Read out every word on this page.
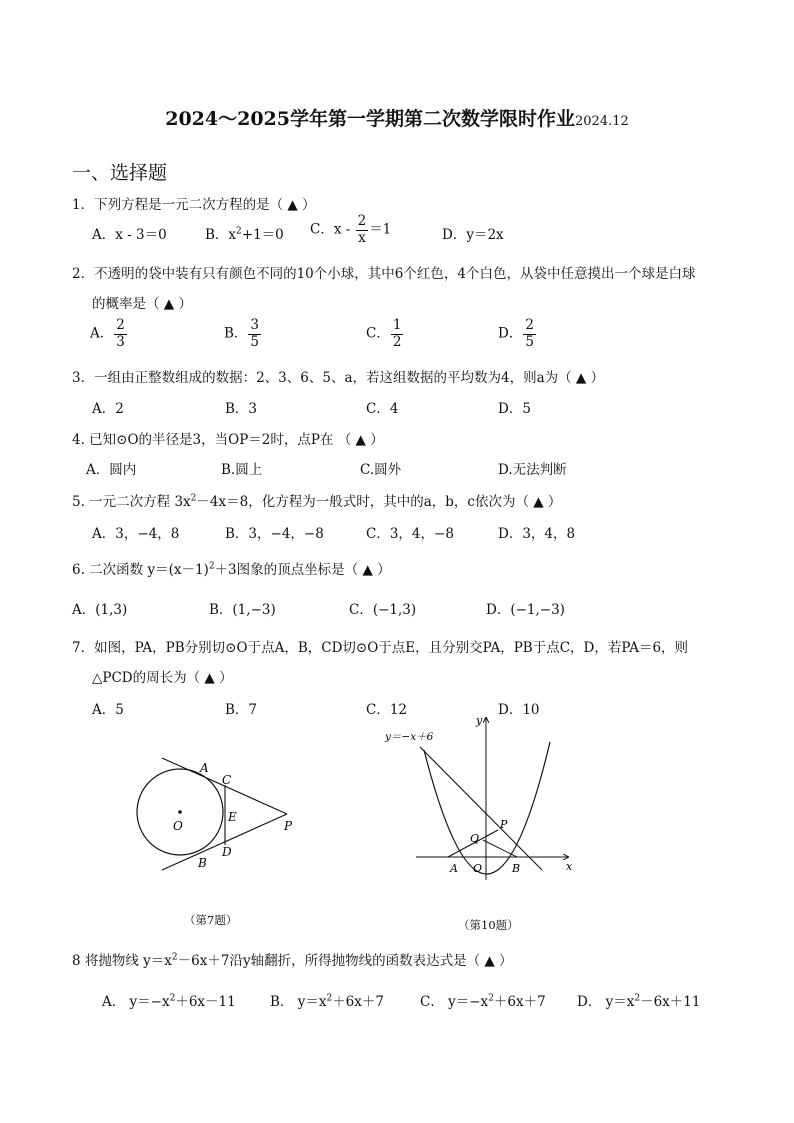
2024～2025学年第一学期第二次数学限时作业2024.12
一、选择题
1．下列方程是一元二次方程的是（ ▲ ）
A．x - 3＝0	B．$x^2+1=0$ C．$x - \frac{2}{x} =1$	D．y＝2x
2．不透明的袋中装有只有颜色不同的10个小球，其中6个红色，4个白色，从袋中任意摸出一个球是白球
的概率是（ ▲ ）
A． $\frac{2}{3}$	B． $\frac{3}{5}$	C． $\frac{1}{2}$	D． $\frac{2}{5}$
3．一组由正整数组成的数据：2、3、6、5、a，若这组数据的平均数为4，则a为（ ▲ ）
A．2	B．3	C．4	D．5
4. 已知⊙O的半径是3，当OP＝2时，点P在 （ ▲ ）
A．圆内	B.圆上	C.圆外	D.无法判断
5. 一元二次方程 $3x^2-4x=8$，化方程为一般式时，其中的a，b，c依次为（ ▲ ）
A．3，−4，8	B．3，−4，−8	C．3，4，−8	D．3，4，8
6. 二次函数 $y=(x-1)^2+3$图象的顶点坐标是（ ▲ ）
A．(1,3)	B．(1,−3)	C．(−1,3)	D．(−1,−3)
7．如图，PA，PB分别切⊙O于点A，B，CD切⊙O于点E，且分别交PA，PB于点C，D，若PA＝6，则
△PCD的周长为（ ▲ ）
A．5	B．7	C．12	D．10
A
C
E
O	P
D
B
（第7题）
y＝−x＋6
y
x
P
Q
A O	B
（第10题）
8 将抛物线 $y=x^2-6x+7$沿y轴翻折，所得抛物线的函数表达式是（ ▲ ）
A． $y=-x^2+6x-11$	B． $y=x^2+6x+7$	C． $y=-x^2+6x+7$ D． $y=x^2-6x+11$
